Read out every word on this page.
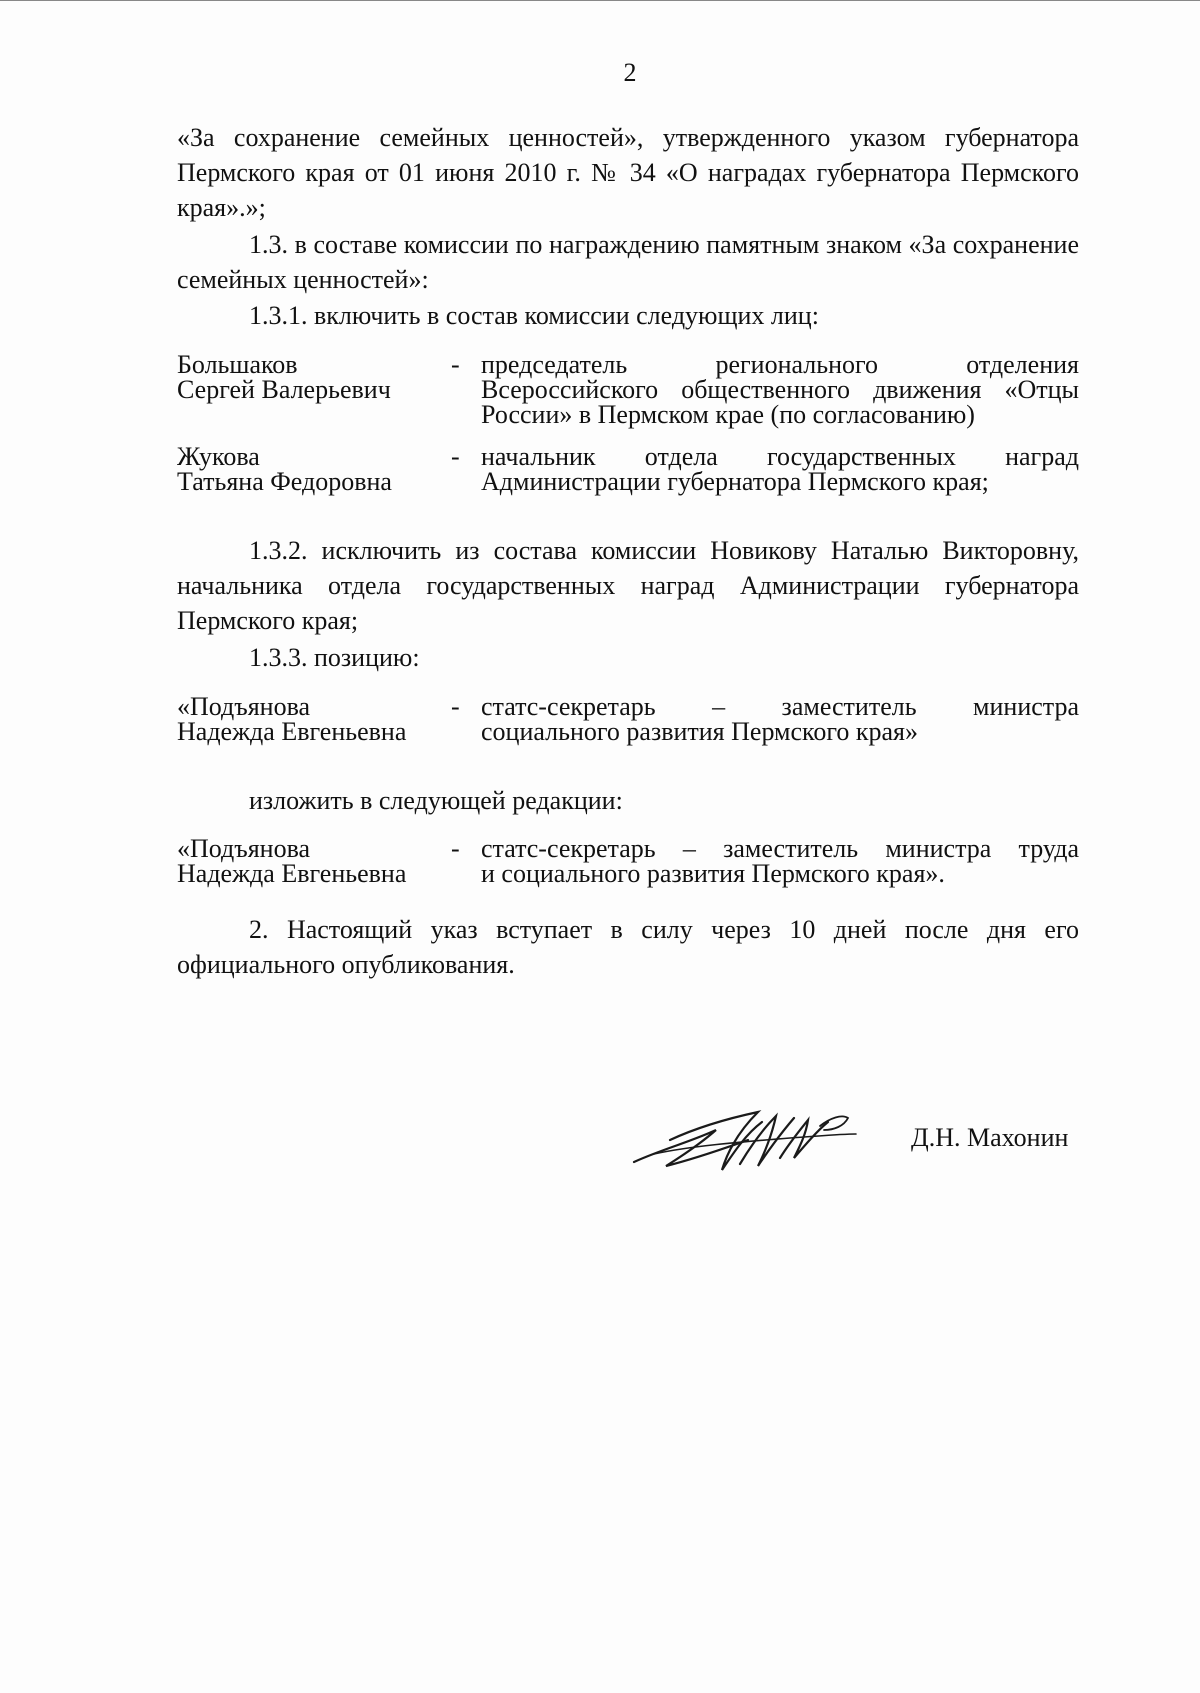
2
«За сохранение семейных ценностей», утвержденного указом губернатора Пермского края от 01 июня 2010 г. № 34 «О наградах губернатора Пермского края».»;
1.3. в составе комиссии по награждению памятным знаком «За сохранение семейных ценностей»:
1.3.1. включить в состав комиссии следующих лиц:
Большаков
Сергей Валерьевич
- председатель регионального отделения
Всероссийского общественного движения «Отцы
России» в Пермском крае (по согласованию)
Жукова
Татьяна Федоровна
- начальник отдела государственных наград
Администрации губернатора Пермского края;
1.3.2. исключить из состава комиссии Новикову Наталью Викторовну, начальника отдела государственных наград Администрации губернатора Пермского края;
1.3.3. позицию:
«Подъянова
Надежда Евгеньевна
- статс-секретарь – заместитель министра
социального развития Пермского края»
изложить в следующей редакции:
«Подъянова
Надежда Евгеньевна
- статс-секретарь – заместитель министра труда
и социального развития Пермского края».
2. Настоящий указ вступает в силу через 10 дней после дня его официального опубликования.
Д.Н. Махонин
